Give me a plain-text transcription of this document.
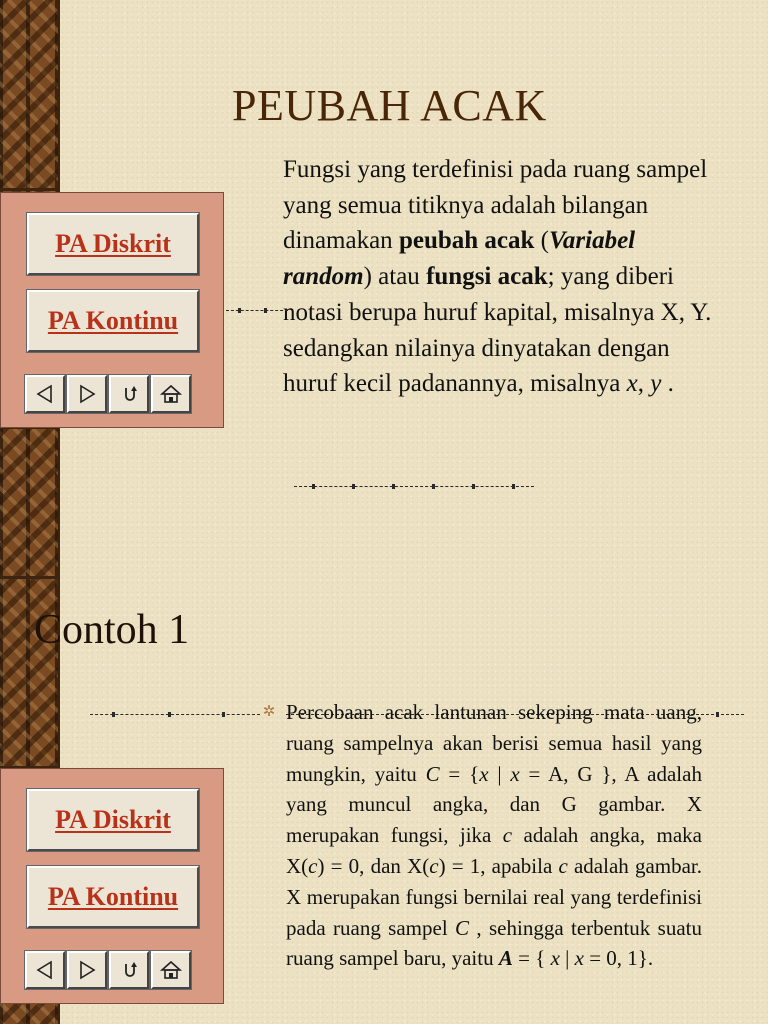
PEUBAH ACAK

Fungsi yang terdefinisi pada ruang sampel yang semua titiknya adalah bilangan dinamakan peubah acak (Variabel random) atau fungsi acak; yang diberi notasi berupa huruf kapital, misalnya X, Y. sedangkan nilainya dinyatakan dengan huruf kecil padanannya, misalnya x, y .

PA Diskrit
PA Kontinu
Contoh 1
✲ Percobaan acak lantunan sekeping mata uang, ruang sampelnya akan berisi semua hasil yang mungkin, yaitu C = {x | x = A, G }, A adalah yang muncul angka, dan G gambar. X merupakan fungsi, jika c adalah angka, maka X(c) = 0, dan X(c) = 1, apabila c adalah gambar. X merupakan fungsi bernilai real yang terdefinisi pada ruang sampel C , sehingga terbentuk suatu ruang sampel baru, yaitu A = { x | x = 0, 1}.

PA Diskrit
PA Kontinu
